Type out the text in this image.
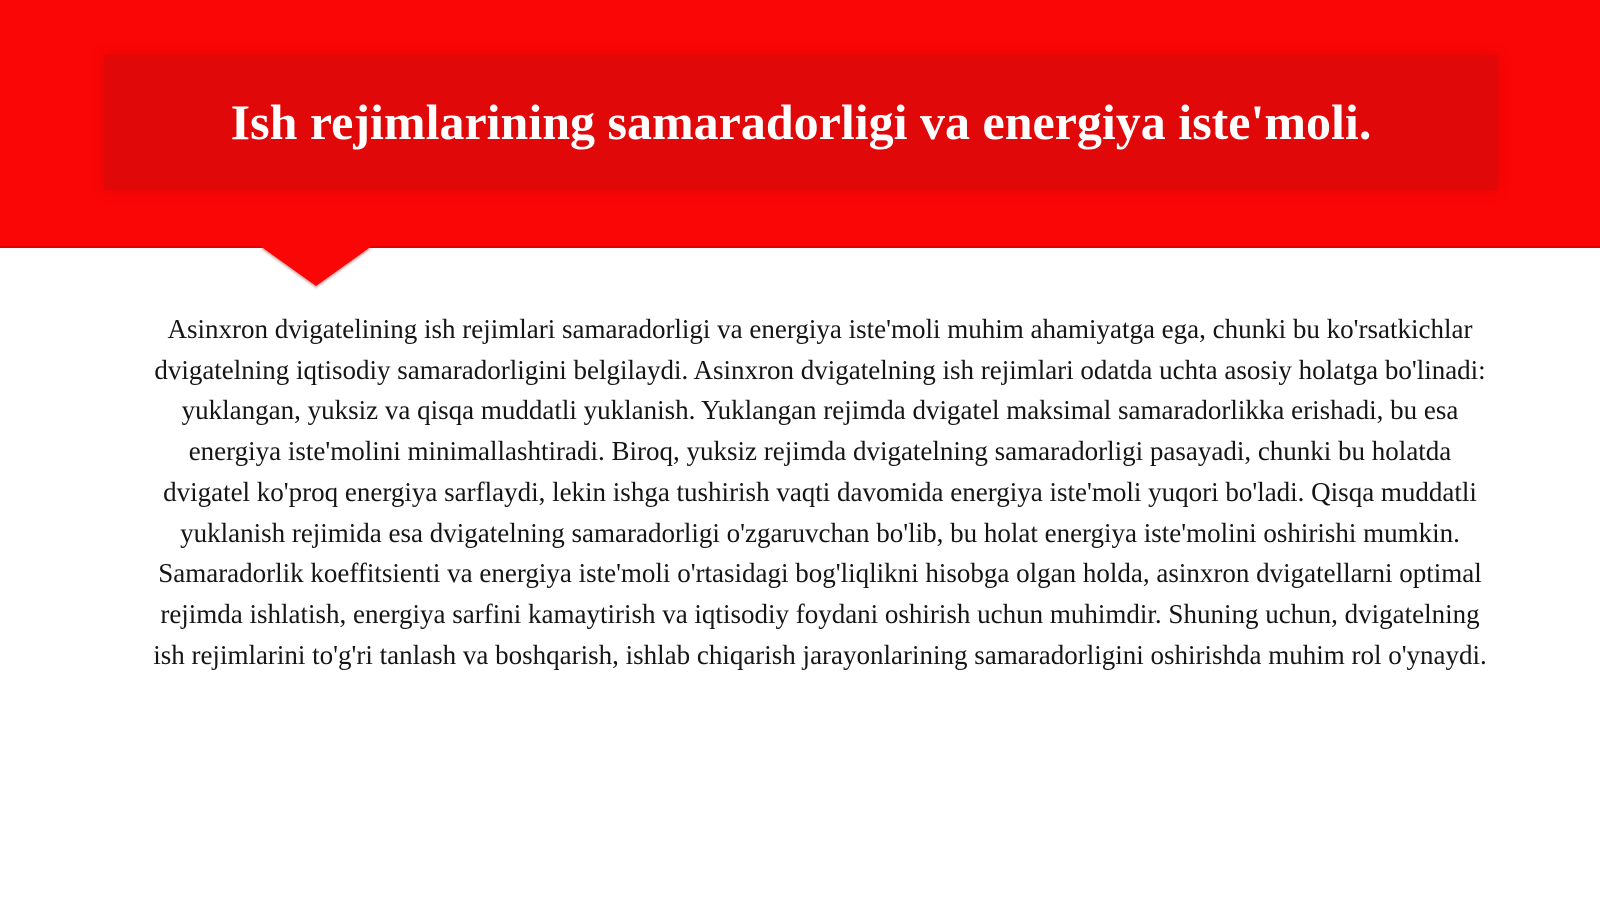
Ish rejimlarining samaradorligi va energiya iste'moli.

Asinxron dvigatelining ish rejimlari samaradorligi va energiya iste'moli muhim ahamiyatga ega, chunki bu ko'rsatkichlar dvigatelning iqtisodiy samaradorligini belgilaydi. Asinxron dvigatelning ish rejimlari odatda uchta asosiy holatga bo'linadi: yuklangan, yuksiz va qisqa muddatli yuklanish. Yuklangan rejimda dvigatel maksimal samaradorlikka erishadi, bu esa energiya iste'molini minimallashtiradi. Biroq, yuksiz rejimda dvigatelning samaradorligi pasayadi, chunki bu holatda dvigatel ko'proq energiya sarflaydi, lekin ishga tushirish vaqti davomida energiya iste'moli yuqori bo'ladi. Qisqa muddatli yuklanish rejimida esa dvigatelning samaradorligi o'zgaruvchan bo'lib, bu holat energiya iste'molini oshirishi mumkin. Samaradorlik koeffitsienti va energiya iste'moli o'rtasidagi bog'liqlikni hisobga olgan holda, asinxron dvigatellarni optimal rejimda ishlatish, energiya sarfini kamaytirish va iqtisodiy foydani oshirish uchun muhimdir. Shuning uchun, dvigatelning ish rejimlarini to'g'ri tanlash va boshqarish, ishlab chiqarish jarayonlarining samaradorligini oshirishda muhim rol o'ynaydi.
